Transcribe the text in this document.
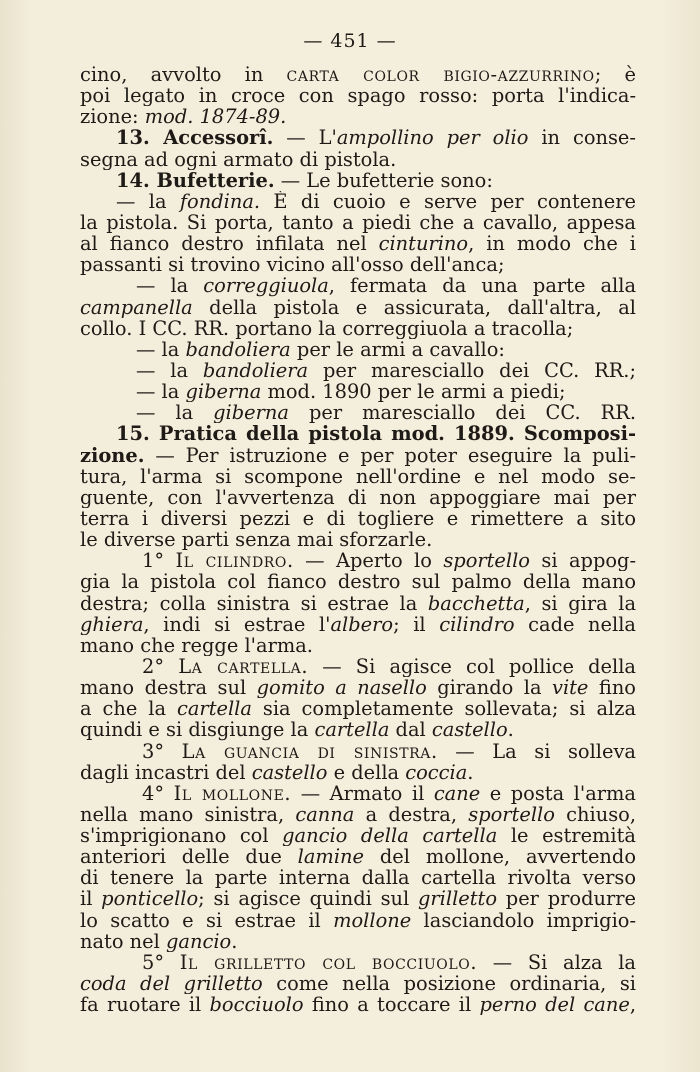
— 451 —
cino, avvolto in carta color bigio-azzurrino; è
poi legato in croce con spago rosso: porta l'indica-
zione: mod. 1874-89.
13. Accessorî. — L'ampollino per olio in conse-
segna ad ogni armato di pistola.
14. Bufetterie. — Le bufetterie sono:
— la fondina. È di cuoio e serve per contenere
la pistola. Si porta, tanto a piedi che a cavallo, appesa
al fianco destro infilata nel cinturino, in modo che i
passanti si trovino vicino all'osso dell'anca;
— la correggiuola, fermata da una parte alla
campanella della pistola e assicurata, dall'altra, al
collo. I CC. RR. portano la correggiuola a tracolla;
— la bandoliera per le armi a cavallo:
— la bandoliera per maresciallo dei CC. RR.;
— la giberna mod. 1890 per le armi a piedi;
— la giberna per maresciallo dei CC. RR.
15. Pratica della pistola mod. 1889. Scomposi-
zione. — Per istruzione e per poter eseguire la puli-
tura, l'arma si scompone nell'ordine e nel modo se-
guente, con l'avvertenza di non appoggiare mai per
terra i diversi pezzi e di togliere e rimettere a sito
le diverse parti senza mai sforzarle.
1° Il cilindro. — Aperto lo sportello si appog-
gia la pistola col fianco destro sul palmo della mano
destra; colla sinistra si estrae la bacchetta, si gira la
ghiera, indi si estrae l'albero; il cilindro cade nella
mano che regge l'arma.
2° La cartella. — Si agisce col pollice della
mano destra sul gomito a nasello girando la vite fino
a che la cartella sia completamente sollevata; si alza
quindi e si disgiunge la cartella dal castello.
3° La guancia di sinistra. — La si solleva
dagli incastri del castello e della coccia.
4° Il mollone. — Armato il cane e posta l'arma
nella mano sinistra, canna a destra, sportello chiuso,
s'imprigionano col gancio della cartella le estremità
anteriori delle due lamine del mollone, avvertendo
di tenere la parte interna dalla cartella rivolta verso
il ponticello; si agisce quindi sul grilletto per produrre
lo scatto e si estrae il mollone lasciandolo imprigio-
nato nel gancio.
5° Il grilletto col bocciuolo. — Si alza la
coda del grilletto come nella posizione ordinaria, si
fa ruotare il bocciuolo fino a toccare il perno del cane,
